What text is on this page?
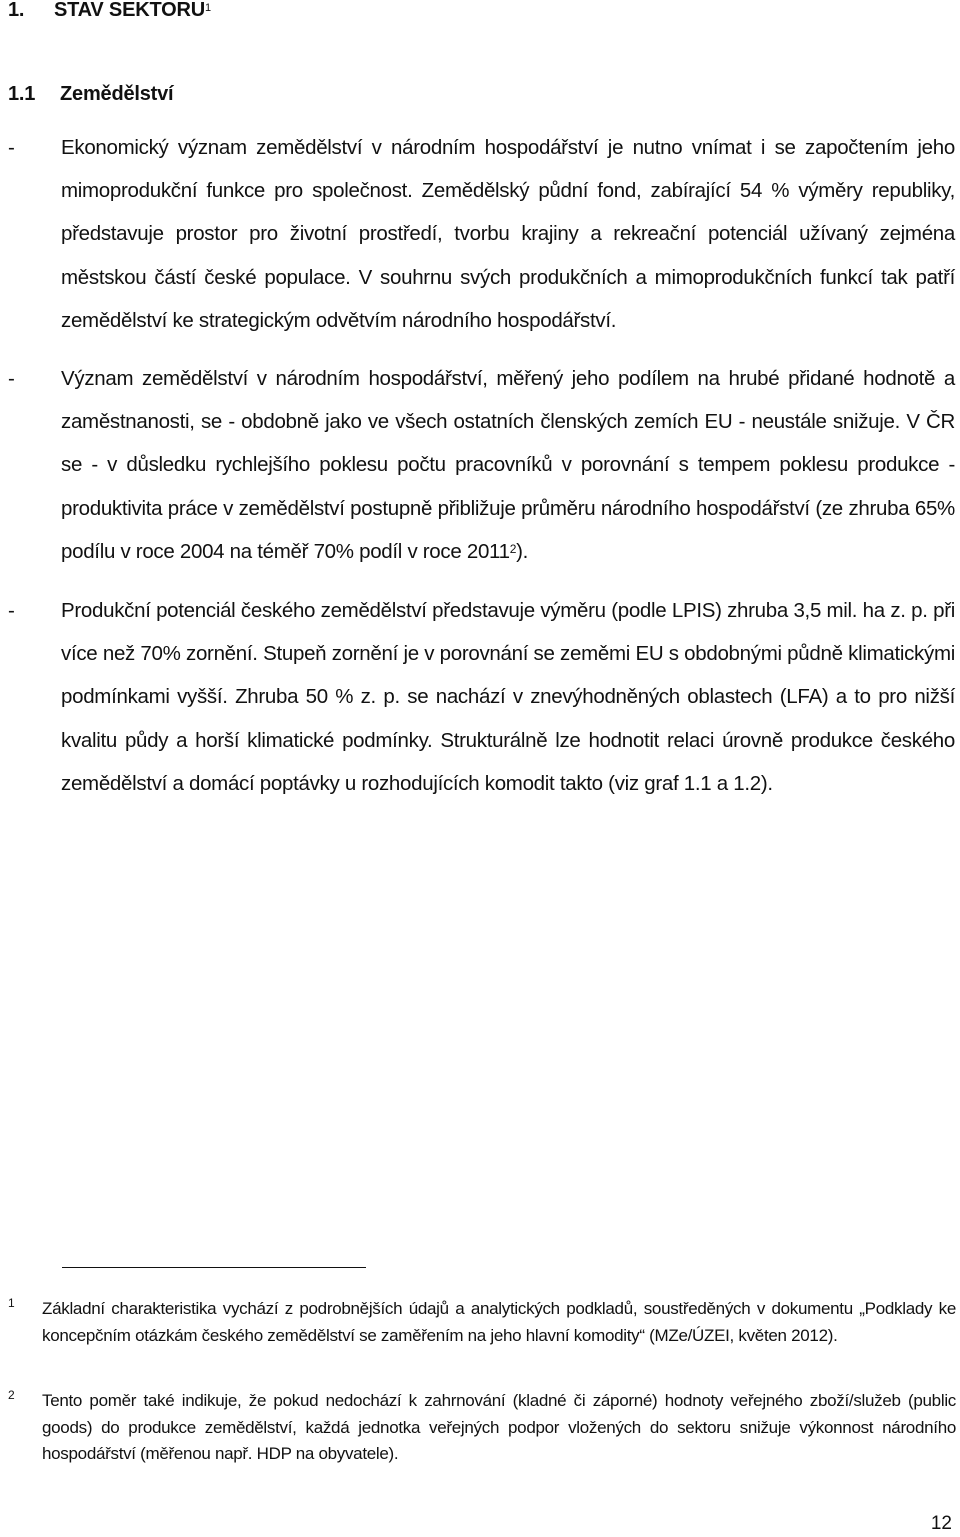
1. STAV SEKTORU$^1$
1.1 Zemědělství
- Ekonomický význam zemědělství v národním hospodářství je nutno vnímat i se započtením jeho mimoprodukční funkce pro společnost. Zemědělský půdní fond, zabírající 54 % výměry republiky, představuje prostor pro životní prostředí, tvorbu krajiny a rekreační potenciál užívaný zejména městskou částí české populace. V souhrnu svých produkčních a mimoprodukčních funkcí tak patří zemědělství ke strategickým odvětvím národního hospodářství.
- Význam zemědělství v národním hospodářství, měřený jeho podílem na hrubé přidané hodnotě a zaměstnanosti, se - obdobně jako ve všech ostatních členských zemích EU - neustále snižuje. V ČR se - v důsledku rychlejšího poklesu počtu pracovníků v porovnání s tempem poklesu produkce - produktivita práce v zemědělství postupně přibližuje průměru národního hospodářství (ze zhruba 65% podílu v roce 2004 na téměř 70% podíl v roce 2011$^2$).
- Produkční potenciál českého zemědělství představuje výměru (podle LPIS) zhruba 3,5 mil. ha z. p. při více než 70% zornění. Stupeň zornění je v porovnání se zeměmi EU s obdobnými půdně klimatickými podmínkami vyšší. Zhruba 50 % z. p. se nachází v znevýhodněných oblastech (LFA) a to pro nižší kvalitu půdy a horší klimatické podmínky. Strukturálně lze hodnotit relaci úrovně produkce českého zemědělství a domácí poptávky u rozhodujících komodit takto (viz graf 1.1 a 1.2).
1 Základní charakteristika vychází z podrobnějších údajů a analytických podkladů, soustředěných v dokumentu „Podklady ke koncepčním otázkám českého zemědělství se zaměřením na jeho hlavní komodity“ (MZe/ÚZEI, květen 2012).
2 Tento poměr také indikuje, že pokud nedochází k zahrnování (kladné či záporné) hodnoty veřejného zboží/služeb (public goods) do produkce zemědělství, každá jednotka veřejných podpor vložených do sektoru snižuje výkonnost národního hospodářství (měřenou např. HDP na obyvatele).
12
